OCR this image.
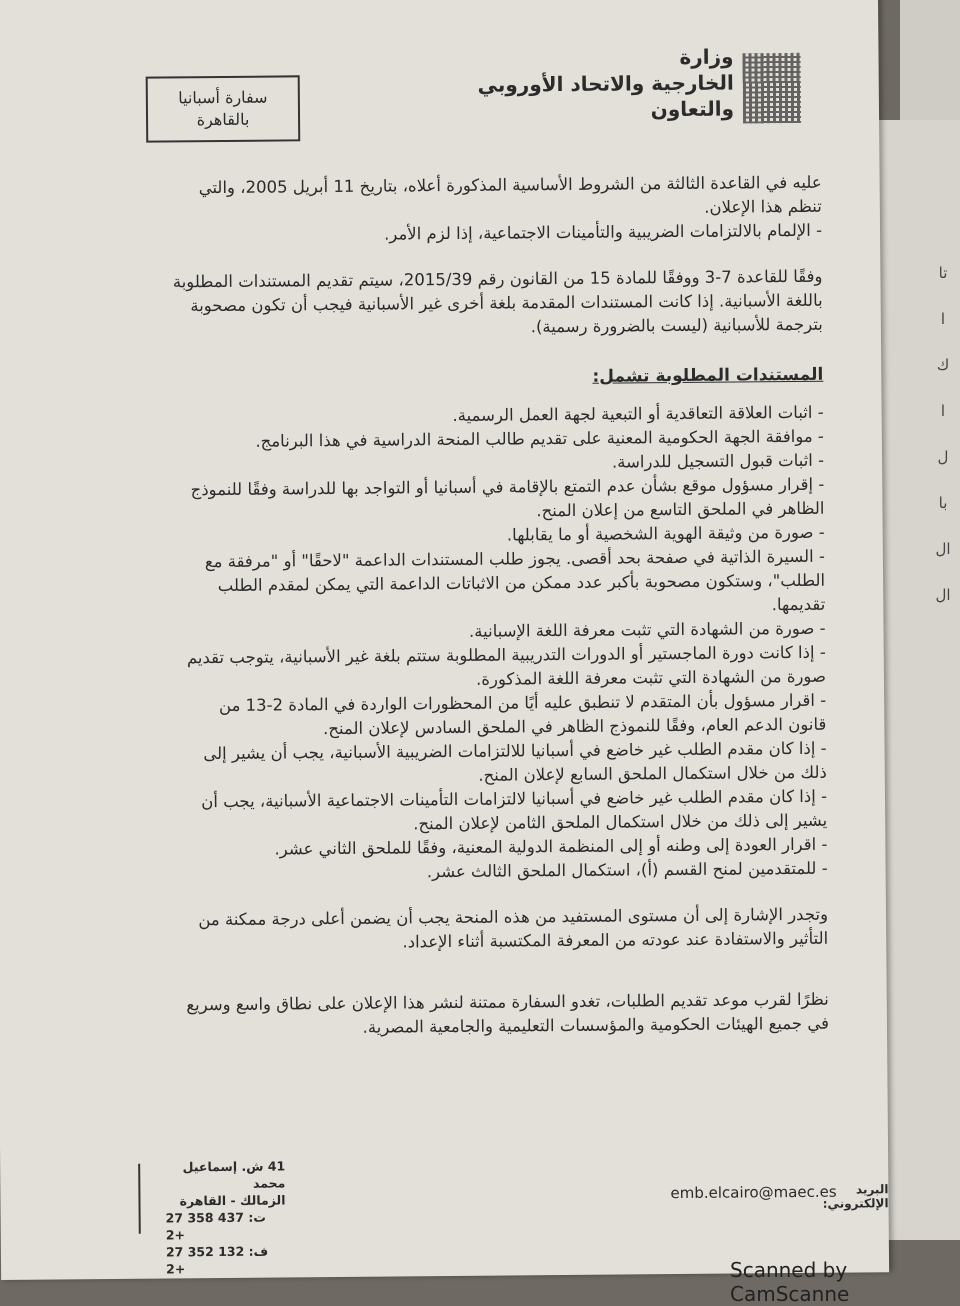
تا
ا
ك
ا
ل
با
ال
ال
وزارة
الخارجية والاتحاد الأوروبي
والتعاون
سفارة أسبانيا
بالقاهرة
عليه في القاعدة الثالثة من الشروط الأساسية المذكورة أعلاه، بتاريخ 11 أبريل 2005، والتي تنظم هذا الإعلان.
- الإلمام بالالتزامات الضريبية والتأمينات الاجتماعية، إذا لزم الأمر.
وفقًا للقاعدة 7-3 ووفقًا للمادة 15 من القانون رقم 2015/39، سيتم تقديم المستندات المطلوبة باللغة الأسبانية. إذا كانت المستندات المقدمة بلغة أخرى غير الأسبانية فيجب أن تكون مصحوبة بترجمة للأسبانية (ليست بالضرورة رسمية).
المستندات المطلوبة تشمل:
- اثبات العلاقة التعاقدية أو التبعية لجهة العمل الرسمية.
- موافقة الجهة الحكومية المعنية على تقديم طالب المنحة الدراسية في هذا البرنامج.
- اثبات قبول التسجيل للدراسة.
- إقرار مسؤول موقع بشأن عدم التمتع بالإقامة في أسبانيا أو التواجد بها للدراسة وفقًا للنموذج الظاهر في الملحق التاسع من إعلان المنح.
- صورة من وثيقة الهوية الشخصية أو ما يقابلها.
- السيرة الذاتية في صفحة بحد أقصى. يجوز طلب المستندات الداعمة "لاحقًا" أو "مرفقة مع الطلب"، وستكون مصحوبة بأكبر عدد ممكن من الاثباتات الداعمة التي يمكن لمقدم الطلب تقديمها.
- صورة من الشهادة التي تثبت معرفة اللغة الإسبانية.
- إذا كانت دورة الماجستير أو الدورات التدريبية المطلوبة ستتم بلغة غير الأسبانية، يتوجب تقديم صورة من الشهادة التي تثبت معرفة اللغة المذكورة.
- اقرار مسؤول بأن المتقدم لا تنطبق عليه أيًا من المحظورات الواردة في المادة 2-13 من قانون الدعم العام، وفقًا للنموذج الظاهر في الملحق السادس لإعلان المنح.
- إذا كان مقدم الطلب غير خاضع في أسبانيا للالتزامات الضريبية الأسبانية، يجب أن يشير إلى ذلك من خلال استكمال الملحق السابع لإعلان المنح.
- إذا كان مقدم الطلب غير خاضع في أسبانيا لالتزامات التأمينات الاجتماعية الأسبانية، يجب أن يشير إلى ذلك من خلال استكمال الملحق الثامن لإعلان المنح.
- اقرار العودة إلى وطنه أو إلى المنظمة الدولية المعنية، وفقًا للملحق الثاني عشر.
- للمتقدمين لمنح القسم (أ)، استكمال الملحق الثالث عشر.
وتجدر الإشارة إلى أن مستوى المستفيد من هذه المنحة يجب أن يضمن أعلى درجة ممكنة من التأثير والاستفادة عند عودته من المعرفة المكتسبة أثناء الإعداد.
نظرًا لقرب موعد تقديم الطلبات، تغدو السفارة ممتنة لنشر هذا الإعلان على نطاق واسع وسريع في جميع الهيئات الحكومية والمؤسسات التعليمية والجامعية المصرية.
41 ش. إسماعيل محمد
الزمالك - القاهرة
ت: 437 358 27 2+
ف: 132 352 27 2+
emb.elcairo@maec.es	البريد الإلكتروني:
Scanned by CamScanne
